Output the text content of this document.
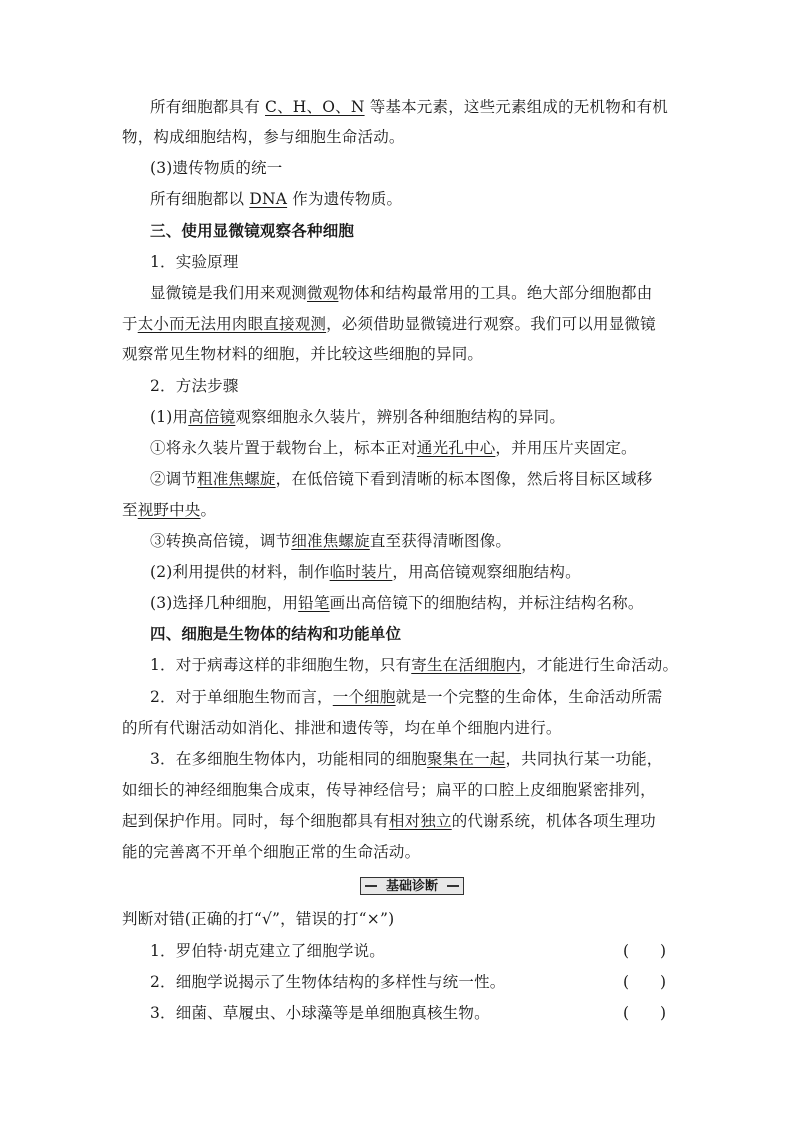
所有细胞都具有 C、H、O、N 等基本元素，这些元素组成的无机物和有机
物，构成细胞结构，参与细胞生命活动。
(3)遗传物质的统一
所有细胞都以 DNA 作为遗传物质。
三、使用显微镜观察各种细胞
1．实验原理
显微镜是我们用来观测微观物体和结构最常用的工具。绝大部分细胞都由
于太小而无法用肉眼直接观测，必须借助显微镜进行观察。我们可以用显微镜
观察常见生物材料的细胞，并比较这些细胞的异同。
2．方法步骤
(1)用高倍镜观察细胞永久装片，辨别各种细胞结构的异同。
①将永久装片置于载物台上，标本正对通光孔中心，并用压片夹固定。
②调节粗准焦螺旋，在低倍镜下看到清晰的标本图像，然后将目标区域移
至视野中央。
③转换高倍镜，调节细准焦螺旋直至获得清晰图像。
(2)利用提供的材料，制作临时装片，用高倍镜观察细胞结构。
(3)选择几种细胞，用铅笔画出高倍镜下的细胞结构，并标注结构名称。
四、细胞是生物体的结构和功能单位
1．对于病毒这样的非细胞生物，只有寄生在活细胞内，才能进行生命活动。
2．对于单细胞生物而言，一个细胞就是一个完整的生命体，生命活动所需
的所有代谢活动如消化、排泄和遗传等，均在单个细胞内进行。
3．在多细胞生物体内，功能相同的细胞聚集在一起，共同执行某一功能，
如细长的神经细胞集合成束，传导神经信号；扁平的口腔上皮细胞紧密排列，
起到保护作用。同时，每个细胞都具有相对独立的代谢系统，机体各项生理功
能的完善离不开单个细胞正常的生命活动。
基础诊断
判断对错(正确的打“√”，错误的打“×”)
1．罗伯特·胡克建立了细胞学说。	(　　)
2．细胞学说揭示了生物体结构的多样性与统一性。	(　　)
3．细菌、草履虫、小球藻等是单细胞真核生物。	(　　)
